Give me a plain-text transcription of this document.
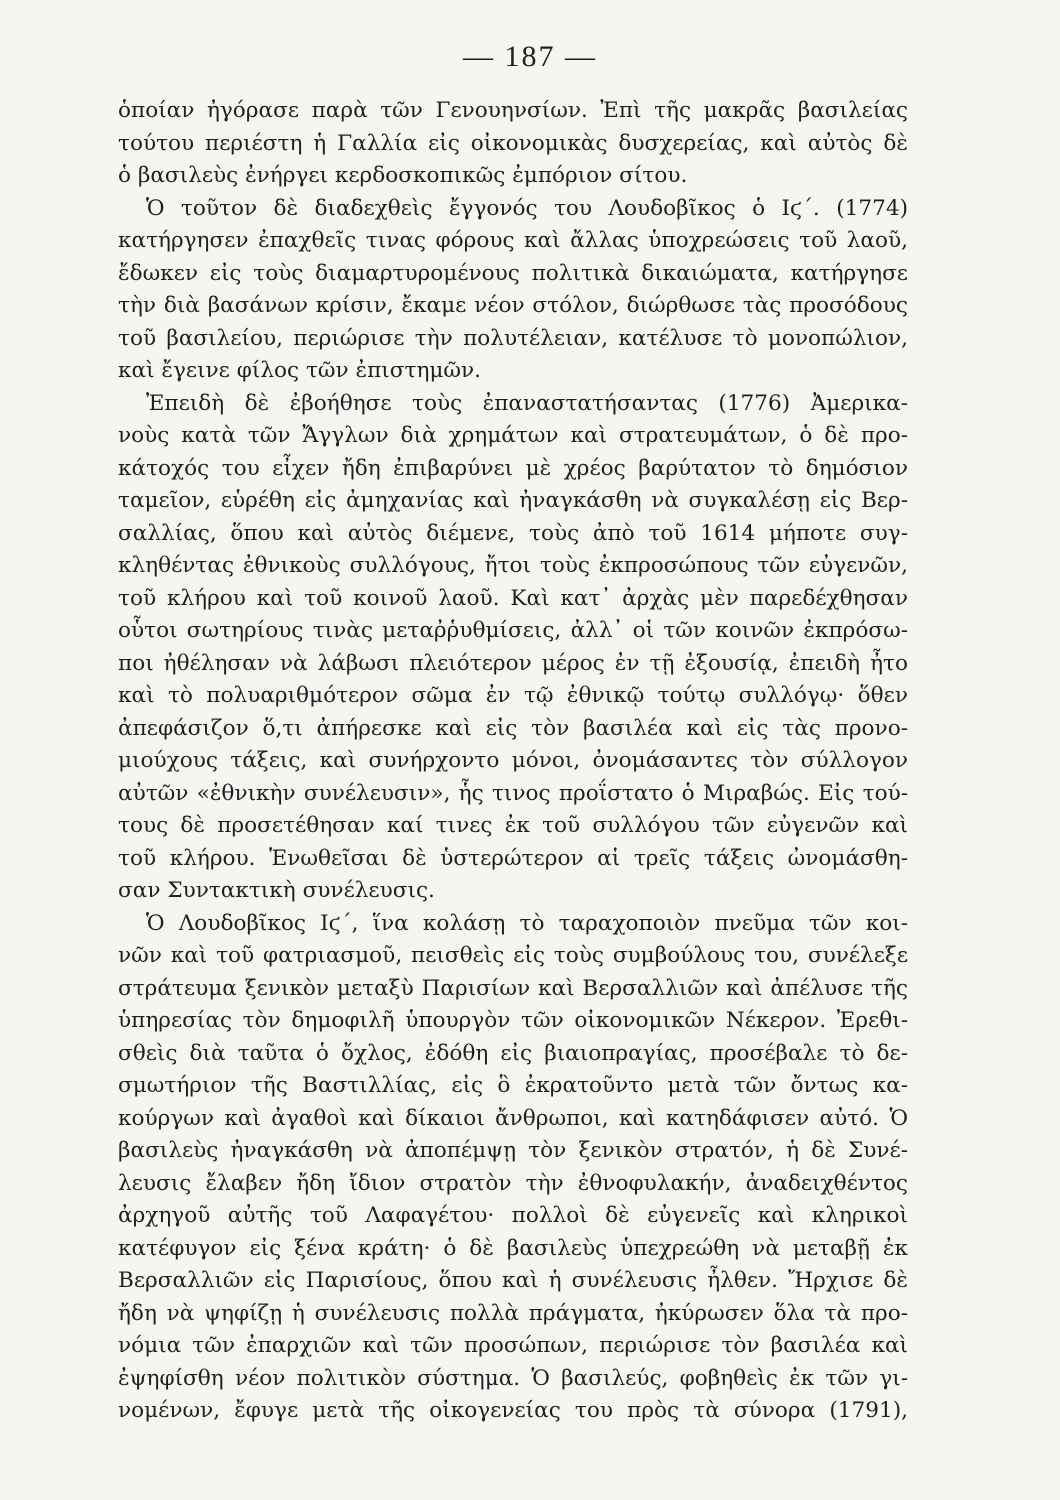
— 187 —
ὁποίαν ἠγόρασε παρὰ τῶν Γενουηνσίων. Ἐπὶ τῆς μακρᾶς βασιλείας
τούτου περιέστη ἡ Γαλλία εἰς οἰκονομικὰς δυσχερείας, καὶ αὐτὸς δὲ
ὁ βασιλεὺς ἐνήργει κερδοσκοπικῶς ἐμπόριον σίτου.
Ὁ τοῦτον δὲ διαδεχθεὶς ἔγγονός του Λουδοβῖκος ὁ Ιϛ΄. (1774)
κατήργησεν ἐπαχθεῖς τινας φόρους καὶ ἄλλας ὑποχρεώσεις τοῦ λαοῦ,
ἔδωκεν εἰς τοὺς διαμαρτυρομένους πολιτικὰ δικαιώματα, κατήργησε
τὴν διὰ βασάνων κρίσιν, ἔκαμε νέον στόλον, διώρθωσε τὰς προσόδους
τοῦ βασιλείου, περιώρισε τὴν πολυτέλειαν, κατέλυσε τὸ μονοπώλιον,
καὶ ἔγεινε φίλος τῶν ἐπιστημῶν.
Ἐπειδὴ δὲ ἐβοήθησε τοὺς ἐπαναστατήσαντας (1776) Ἀμερικα-
νοὺς κατὰ τῶν Ἄγγλων διὰ χρημάτων καὶ στρατευμάτων, ὁ δὲ προ-
κάτοχός του εἶχεν ἤδη ἐπιβαρύνει μὲ χρέος βαρύτατον τὸ δημόσιον
ταμεῖον, εὑρέθη εἰς ἀμηχανίας καὶ ἠναγκάσθη νὰ συγκαλέσῃ εἰς Βερ-
σαλλίας, ὅπου καὶ αὐτὸς διέμενε, τοὺς ἀπὸ τοῦ 1614 μήποτε συγ-
κληθέντας ἐθνικοὺς συλλόγους, ἤτοι τοὺς ἐκπροσώπους τῶν εὐγενῶν,
τοῦ κλήρου καὶ τοῦ κοινοῦ λαοῦ. Καὶ κατ᾽ ἀρχὰς μὲν παρεδέχθησαν
οὗτοι σωτηρίους τινὰς μεταῤῥυθμίσεις, ἀλλ᾽ οἱ τῶν κοινῶν ἐκπρόσω-
ποι ἠθέλησαν νὰ λάβωσι πλειότερον μέρος ἐν τῇ ἐξουσίᾳ, ἐπειδὴ ἦτο
καὶ τὸ πολυαριθμότερον σῶμα ἐν τῷ ἐθνικῷ τούτῳ συλλόγῳ· ὅθεν
ἀπεφάσιζον ὅ,τι ἀπήρεσκε καὶ εἰς τὸν βασιλέα καὶ εἰς τὰς προνο-
μιούχους τάξεις, καὶ συνήρχοντο μόνοι, ὀνομάσαντες τὸν σύλλογον
αὐτῶν «ἐθνικὴν συνέλευσιν», ἧς τινος προΐστατο ὁ Μιραβώς. Εἰς τού-
τους δὲ προσετέθησαν καί τινες ἐκ τοῦ συλλόγου τῶν εὐγενῶν καὶ
τοῦ κλήρου. Ἑνωθεῖσαι δὲ ὑστερώτερον αἱ τρεῖς τάξεις ὠνομάσθη-
σαν Συντακτικὴ συνέλευσις.
Ὁ Λουδοβῖκος Ιϛ΄, ἵνα κολάσῃ τὸ ταραχοποιὸν πνεῦμα τῶν κοι-
νῶν καὶ τοῦ φατριασμοῦ, πεισθεὶς εἰς τοὺς συμβούλους του, συνέλεξε
στράτευμα ξενικὸν μεταξὺ Παρισίων καὶ Βερσαλλιῶν καὶ ἀπέλυσε τῆς
ὑπηρεσίας τὸν δημοφιλῆ ὑπουργὸν τῶν οἰκονομικῶν Νέκερον. Ἐρεθι-
σθεὶς διὰ ταῦτα ὁ ὄχλος, ἐδόθη εἰς βιαιοπραγίας, προσέβαλε τὸ δε-
σμωτήριον τῆς Βαστιλλίας, εἰς ὃ ἐκρατοῦντο μετὰ τῶν ὄντως κα-
κούργων καὶ ἀγαθοὶ καὶ δίκαιοι ἄνθρωποι, καὶ κατηδάφισεν αὐτό. Ὁ
βασιλεὺς ἠναγκάσθη νὰ ἀποπέμψῃ τὸν ξενικὸν στρατόν, ἡ δὲ Συνέ-
λευσις ἔλαβεν ἤδη ἴδιον στρατὸν τὴν ἐθνοφυλακήν, ἀναδειχθέντος
ἀρχηγοῦ αὐτῆς τοῦ Λαφαγέτου· πολλοὶ δὲ εὐγενεῖς καὶ κληρικοὶ
κατέφυγον εἰς ξένα κράτη· ὁ δὲ βασιλεὺς ὑπεχρεώθη νὰ μεταβῇ ἐκ
Βερσαλλιῶν εἰς Παρισίους, ὅπου καὶ ἡ συνέλευσις ἦλθεν. Ἤρχισε δὲ
ἤδη νὰ ψηφίζῃ ἡ συνέλευσις πολλὰ πράγματα, ἠκύρωσεν ὅλα τὰ προ-
νόμια τῶν ἐπαρχιῶν καὶ τῶν προσώπων, περιώρισε τὸν βασιλέα καὶ
ἐψηφίσθη νέον πολιτικὸν σύστημα. Ὁ βασιλεύς, φοβηθεὶς ἐκ τῶν γι-
νομένων, ἔφυγε μετὰ τῆς οἰκογενείας του πρὸς τὰ σύνορα (1791),
